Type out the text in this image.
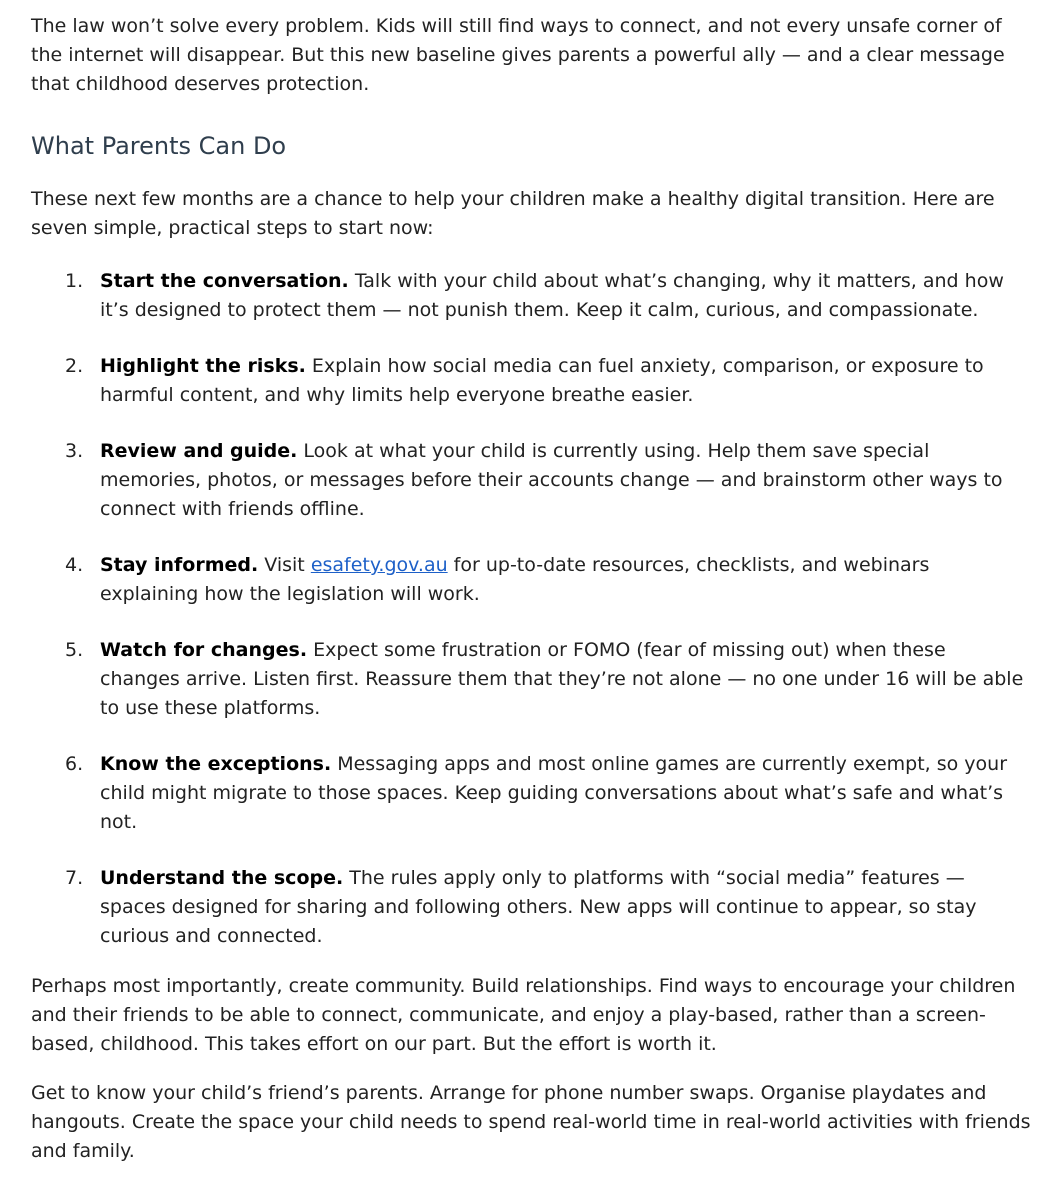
The law won’t solve every problem. Kids will still find ways to connect, and not every unsafe corner of the internet will disappear. But this new baseline gives parents a powerful ally — and a clear message that childhood deserves protection.

What Parents Can Do

These next few months are a chance to help your children make a healthy digital transition. Here are seven simple, practical steps to start now:

1. Start the conversation. Talk with your child about what’s changing, why it matters, and how it’s designed to protect them — not punish them. Keep it calm, curious, and compassionate.
2. Highlight the risks. Explain how social media can fuel anxiety, comparison, or exposure to harmful content, and why limits help everyone breathe easier.
3. Review and guide. Look at what your child is currently using. Help them save special memories, photos, or messages before their accounts change — and brainstorm other ways to connect with friends offline.
4. Stay informed. Visit esafety.gov.au for up-to-date resources, checklists, and webinars explaining how the legislation will work.
5. Watch for changes. Expect some frustration or FOMO (fear of missing out) when these changes arrive. Listen first. Reassure them that they’re not alone — no one under 16 will be able to use these platforms.
6. Know the exceptions. Messaging apps and most online games are currently exempt, so your child might migrate to those spaces. Keep guiding conversations about what’s safe and what’s not.
7. Understand the scope. The rules apply only to platforms with “social media” features — spaces designed for sharing and following others. New apps will continue to appear, so stay curious and connected.

Perhaps most importantly, create community. Build relationships. Find ways to encourage your children and their friends to be able to connect, communicate, and enjoy a play-based, rather than a screen-based, childhood. This takes effort on our part. But the effort is worth it.

Get to know your child’s friend’s parents. Arrange for phone number swaps. Organise playdates and hangouts. Create the space your child needs to spend real-world time in real-world activities with friends and family.
